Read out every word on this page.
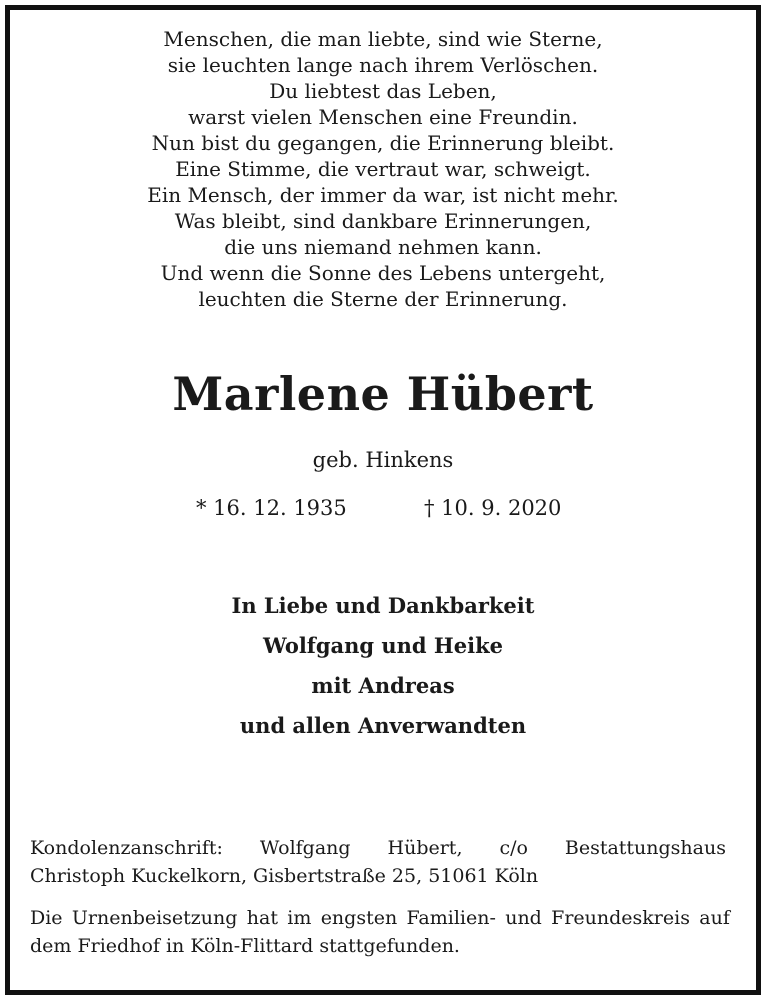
Menschen, die man liebte, sind wie Sterne,
sie leuchten lange nach ihrem Verlöschen.
Du liebtest das Leben,
warst vielen Menschen eine Freundin.
Nun bist du gegangen, die Erinnerung bleibt.
Eine Stimme, die vertraut war, schweigt.
Ein Mensch, der immer da war, ist nicht mehr.
Was bleibt, sind dankbare Erinnerungen,
die uns niemand nehmen kann.
Und wenn die Sonne des Lebens untergeht,
leuchten die Sterne der Erinnerung.
Marlene Hübert
geb. Hinkens
* 16. 12. 1935	† 10. 9. 2020
In Liebe und Dankbarkeit
Wolfgang und Heike
mit Andreas
und allen Anverwandten
Kondolenzanschrift: Wolfgang Hübert, c/o Bestattungshaus
Christoph Kuckelkorn, Gisbertstraße 25, 51061 Köln
Die Urnenbeisetzung hat im engsten Familien- und Freundeskreis auf
dem Friedhof in Köln-Flittard stattgefunden.
